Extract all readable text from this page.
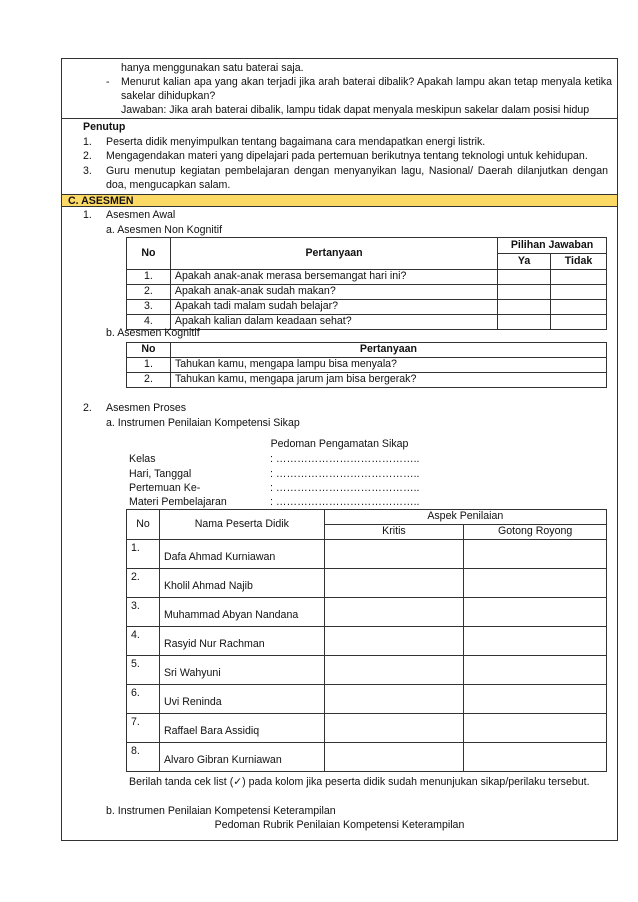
hanya menggunakan satu baterai saja.
- Menurut kalian apa yang akan terjadi jika arah baterai dibalik? Apakah lampu akan tetap menyala ketika sakelar dihidupkan?
Jawaban: Jika arah baterai dibalik, lampu tidak dapat menyala meskipun sakelar dalam posisi hidup
Penutup
1. Peserta didik menyimpulkan tentang bagaimana cara mendapatkan energi listrik.
2. Mengagendakan materi yang dipelajari pada pertemuan berikutnya tentang teknologi untuk kehidupan.
3. Guru menutup kegiatan pembelajaran dengan menyanyikan lagu, Nasional/ Daerah dilanjutkan dengan doa, mengucapkan salam.
C. ASESMEN
1. Asesmen Awal
a. Asesmen Non Kognitif
No	Pertanyaan	Pilihan Jawaban	
		Ya	Tidak
1.	Apakah anak-anak merasa bersemangat hari ini?		
2.	Apakah anak-anak sudah makan?		
3.	Apakah tadi malam sudah belajar?		
4.	Apakah kalian dalam keadaan sehat?		
b. Asesmen Kognitif
No	Pertanyaan
1.	Tahukan kamu, mengapa lampu bisa menyala?
2.	Tahukan kamu, mengapa jarum jam bisa bergerak?
2. Asesmen Proses
a. Instrumen Penilaian Kompetensi Sikap
Pedoman Pengamatan Sikap
Kelas	: …………………………………..
Hari, Tanggal	: …………………………………..
Pertemuan Ke-	: …………………………………..
Materi Pembelajaran	: …………………………………..
No	Nama Peserta Didik	Aspek Penilaian	
		Kritis	Gotong Royong
1.	Dafa Ahmad Kurniawan		
2.	Kholil Ahmad Najib		
3.	Muhammad Abyan Nandana		
4.	Rasyid Nur Rachman		
5.	Sri Wahyuni		
6.	Uvi Reninda		
7.	Raffael Bara Assidiq		
8.	Alvaro Gibran Kurniawan		
Berilah tanda cek list (✓) pada kolom jika peserta didik sudah menunjukan sikap/perilaku tersebut.
b. Instrumen Penilaian Kompetensi Keterampilan
Pedoman Rubrik Penilaian Kompetensi Keterampilan
